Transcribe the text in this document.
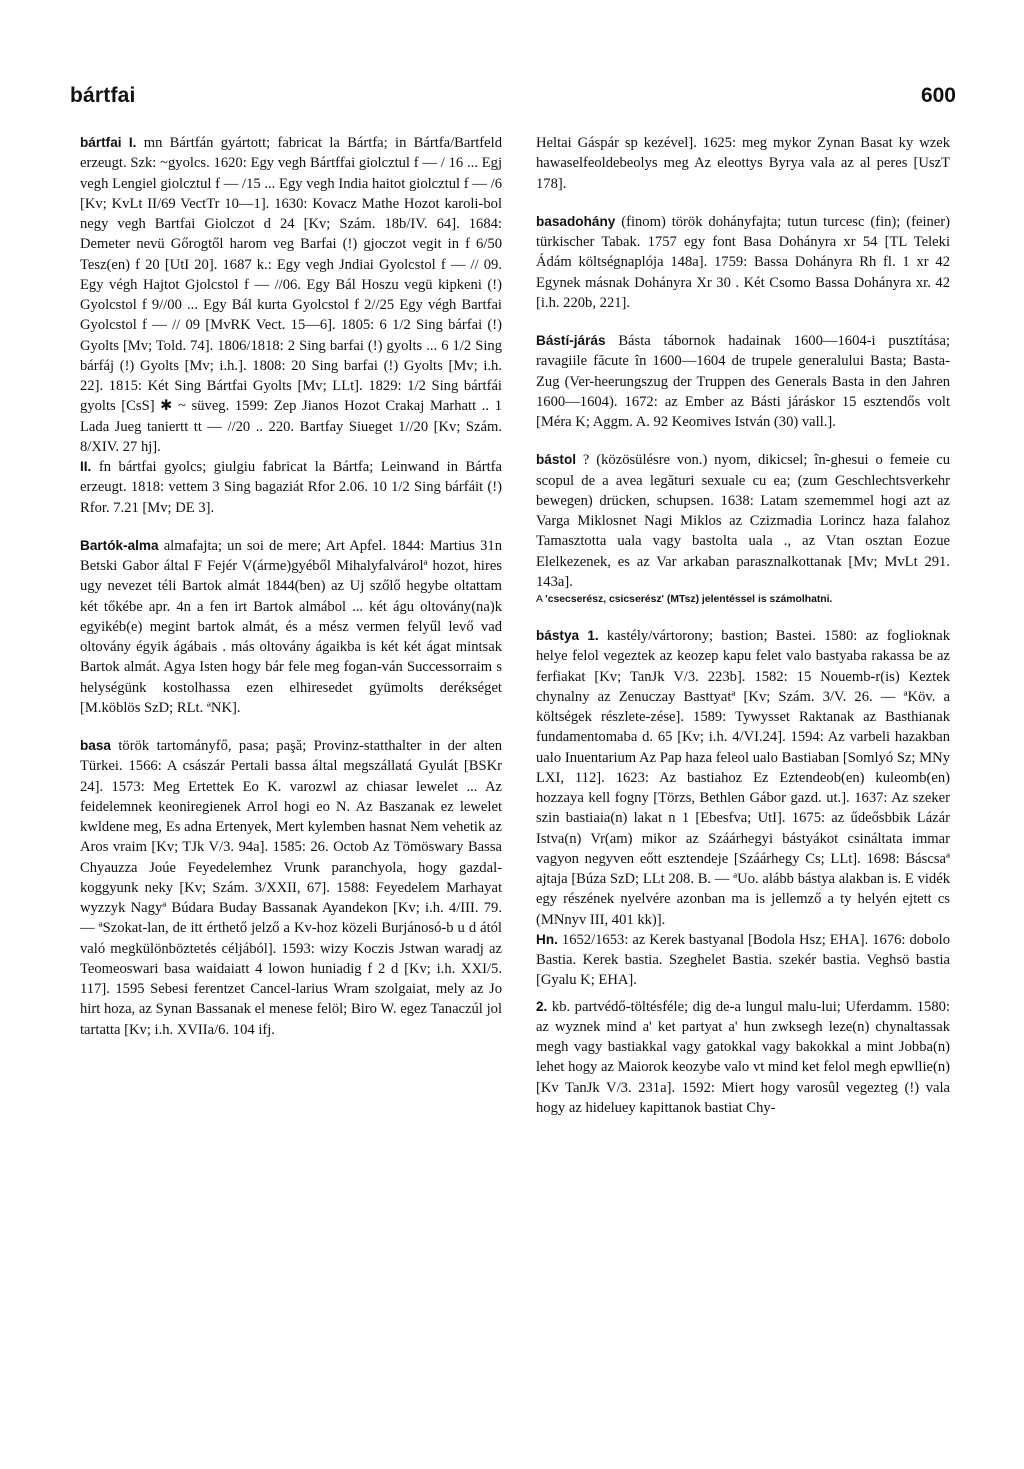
bártfai	600

bártfai I. mn Bártfán gyártott; fabricat la Bártfa; in Bártfa/Bartfeld erzeugt. Szk: ~gyolcs. 1620: Egy vegh Bártffai giolcztul f — / 16 ... Egj vegh Lengiel giolcztul f — /15 ... Egy vegh India haitot giolcztul f — /6 [Kv; KvLt II/69 VectTr 10—1]. 1630: Kovacz Mathe Hozot karoli-bol negy vegh Bartfai Giolczot d 24 [Kv; Szám. 18b/IV. 64]. 1684: Demeter nevü Gőrogtől harom veg Barfai (!) gjoczot vegit in f 6/50 Tesz(en) f 20 [UtI 20]. 1687 k.: Egy vegh Jndiai Gyolcstol f — // 09. Egy végh Hajtot Gjolcstol f — //06. Egy Bál Hoszu vegü kipkeni (!) Gyolcstol f 9//00 ... Egy Bál kurta Gyolcstol f 2//25 Egy végh Bartfai Gyolcstol f — // 09 [MvRK Vect. 15—6]. 1805: 6 1/2 Sing bárfai (!) Gyolts [Mv; Told. 74]. 1806/1818: 2 Sing barfai (!) gyolts ... 6 1/2 Sing bárfáj (!) Gyolts [Mv; i.h.]. 1808: 20 Sing barfai (!) Gyolts [Mv; i.h. 22]. 1815: Két Sing Bártfai Gyolts [Mv; LLt]. 1829: 1/2 Sing bártfái gyolts [CsS] ✱ ~ süveg. 1599: Zep Jianos Hozot Crakaj Marhatt .. 1 Lada Jueg taniertt tt — //20 .. 220. Bartfay Siueget 1//20 [Kv; Szám. 8/XIV. 27 hj].

II. fn bártfai gyolcs; giulgiu fabricat la Bártfa; Leinwand in Bártfa erzeugt. 1818: vettem 3 Sing bagaziát Rfor 2.06. 10 1/2 Sing bárfáit (!) Rfor. 7.21 [Mv; DE 3].

Bartók-alma almafajta; un soi de mere; Art Apfel. 1844: Martius 31n Betski Gabor által F Fejér V(árme)gyéből Mihalyfalvárolª hozot, hires ugy nevezet téli Bartok almát 1844(ben) az Uj szőlő hegybe oltattam két tőkébe apr. 4n a fen irt Bartok almábol ... két águ oltovány(na)k egyikéb(e) megint bartok almát, és a mész vermen felyűl levő vad oltovány égyik ágábais . más oltovány ágaikba is két két ágat mintsak Bartok almát. Agya Isten hogy bár fele meg fogan-ván Successorraim s helységünk kostolhassa ezen elhiresedet gyümolts derékséget [M.köblös SzD; RLt. ªNK].

basa török tartományfő, pasa; paşă; Provinz-statthalter in der alten Türkei. 1566: A császár Pertali bassa által megszállatá Gyulát [BSKr 24]. 1573: Meg Ertettek Eo K. varozwl az chiasar lewelet ... Az feidelemnek keoniregienek Arrol hogi eo N. Az Baszanak ez lewelet kwldene meg, Es adna Ertenyek, Mert kylemben hasnat Nem vehetik az Aros vraim [Kv; TJk V/3. 94a]. 1585: 26. Octob Az Tömöswary Bassa Chyauzza Joúe Feyedelemhez Vrunk paranchyola, hogy gazdal-koggyunk neky [Kv; Szám. 3/XXII, 67]. 1588: Feyedelem Marhayat wyzzyk Nagyª Búdara Buday Bassanak Ayandekon [Kv; i.h. 4/III. 79. — ªSzokat-lan, de itt érthető jelző a Kv-hoz közeli Burjánosó-b u d ától való megkülönböztetés céljából]. 1593: wizy Koczis Jstwan waradj az Teomeoswari basa waidaiatt 4 lowon huniadig f 2 d [Kv; i.h. XXI/5. 117]. 1595 Sebesi ferentzet Cancel-larius Wram szolgaiat, mely az Jo hirt hoza, az Synan Bassanak el menese felöl; Biro W. egez Tanaczúl jol tartatta [Kv; i.h. XVIIa/6. 104 ifj.

Heltai Gáspár sp kezével]. 1625: meg mykor Zynan Basat ky wzek hawaselfeoldebeolys meg Az eleottys Byrya vala az al peres [UszT 178].

basadohány (finom) török dohányfajta; tutun turcesc (fin); (feiner) türkischer Tabak. 1757 egy font Basa Dohányra xr 54 [TL Teleki Ádám költségnaplója 148a]. 1759: Bassa Dohányra Rh fl. 1 xr 42 Egynek másnak Dohányra Xr 30 . Két Csomo Bassa Dohányra xr. 42 [i.h. 220b, 221].

Bástí-járás Básta tábornok hadainak 1600—1604-i pusztítása; ravagiile făcute în 1600—1604 de trupele generalului Basta; Basta-Zug (Ver-heerungszug der Truppen des Generals Basta in den Jahren 1600—1604). 1672: az Ember az Básti járáskor 15 esztendős volt [Méra K; Aggm. A. 92 Keomives István (30) vall.].

bástol ? (közösülésre von.) nyom, dikicsel; în-ghesui o femeie cu scopul de a avea legături sexuale cu ea; (zum Geschlechtsverkehr bewegen) drücken, schupsen. 1638: Latam szememmel hogi azt az Varga Miklosnet Nagi Miklos az Czizmadia Lorincz haza falahoz Tamasztotta uala vagy bastolta uala ., az Vtan osztan Eozue Elelkezenek, es az Var arkaban parasznalkottanak [Mv; MvLt 291. 143a].

A 'csecserész, csicserész' (MTsz) jelentéssel is számolhatni.

bástya 1. kastély/vártorony; bastion; Bastei. 1580: az foglioknak helye felol vegeztek az keozep kapu felet valo bastyaba rakassa be az ferfiakat [Kv; TanJk V/3. 223b]. 1582: 15 Nouemb-r(is) Keztek chynalny az Zenuczay Basttyatª [Kv; Szám. 3/V. 26. — ªKöv. a költségek részlete-zése]. 1589: Tywysset Raktanak az Basthianak fundamentomaba d. 65 [Kv; i.h. 4/VI.24]. 1594: Az varbeli hazakban ualo Inuentarium Az Pap haza feleol ualo Bastiaban [Somlyó Sz; MNy LXI, 112]. 1623: Az bastiahoz Ez Eztendeob(en) kuleomb(en) hozzaya kell fogny [Törzs, Bethlen Gábor gazd. ut.]. 1637: Az szeker szin bastiaia(n) lakat n 1 [Ebesfva; UtI]. 1675: az űdeősbbik Lázár Istva(n) Vr(am) mikor az Száárhegyi bástyákot csináltata immar vagyon negyven eőtt esztendeje [Száárhegy Cs; LLt]. 1698: Báscsaª ajtaja [Búza SzD; LLt 208. B. — ªUo. alább bástya alakban is. E vidék egy részének nyelvére azonban ma is jellemző a ty helyén ejtett cs (MNnyv III, 401 kk)].

Hn. 1652/1653: az Kerek bastyanal [Bodola Hsz; EHA]. 1676: dobolo Bastia. Kerek bastia. Szeghelet Bastia. szekér bastia. Veghsö bastia [Gyalu K; EHA].

2. kb. partvédő-töltésféle; dig de-a lungul malu-lui; Uferdamm. 1580: az wyznek mind a' ket partyat a' hun zwksegh leze(n) chynaltassak megh vagy bastiakkal vagy gatokkal vagy bakokkal a mint Jobba(n) lehet hogy az Maiorok keozybe valo vt mind ket felol megh epwllie(n) [Kv TanJk V/3. 231a]. 1592: Miert hogy varosûl vegezteg (!) vala hogy az hideluey kapittanok bastiat Chy-
